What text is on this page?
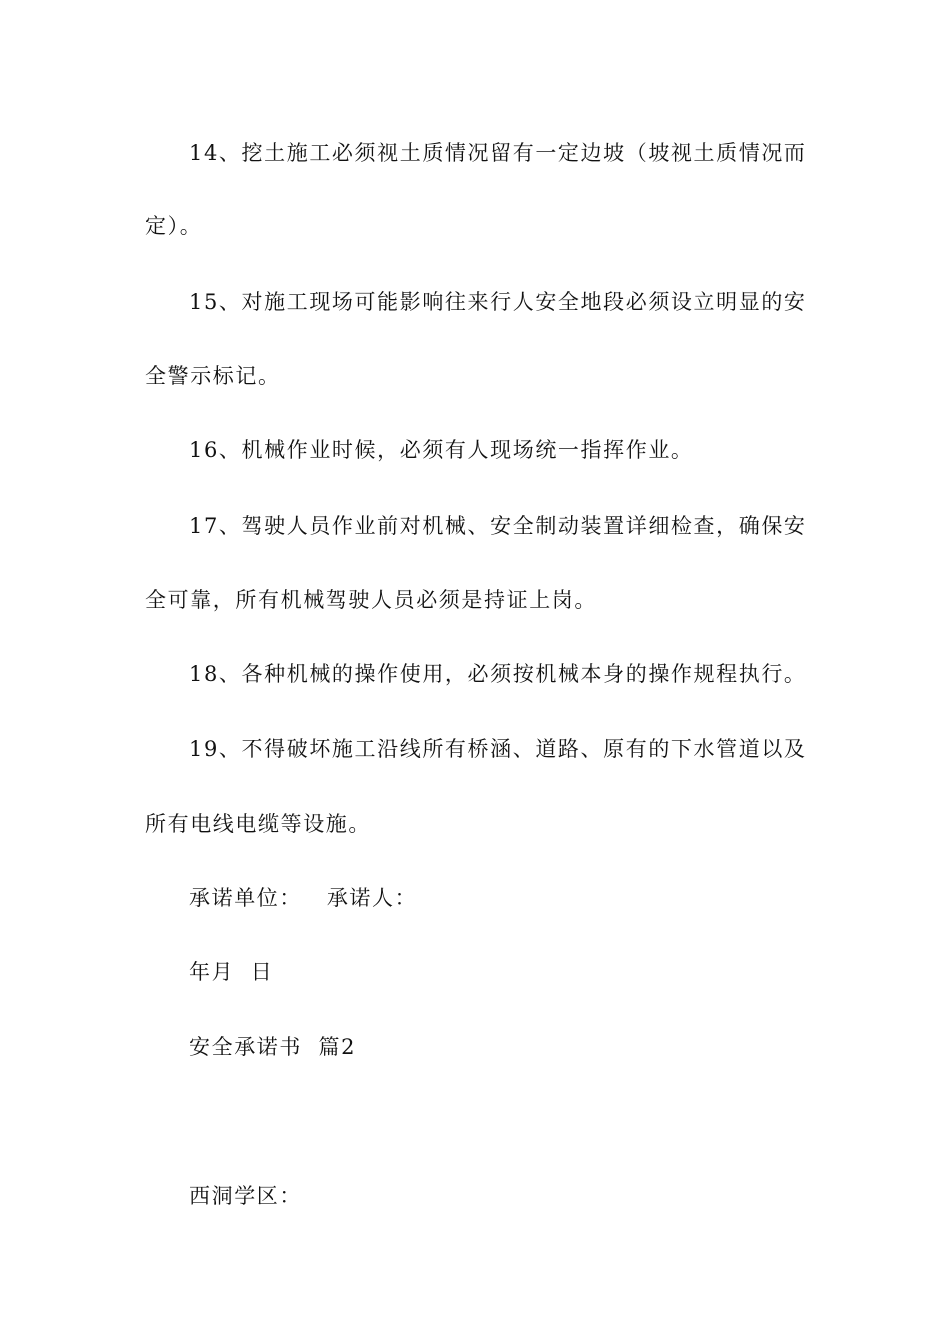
14、挖土施工必须视土质情况留有一定边坡（坡视土质情况而
定）。
15、对施工现场可能影响往来行人安全地段必须设立明显的安
全警示标记。
16、机械作业时候，必须有人现场统一指挥作业。
17、驾驶人员作业前对机械、安全制动装置详细检查，确保安
全可靠，所有机械驾驶人员必须是持证上岗。
18、各种机械的操作使用，必须按机械本身的操作规程执行。
19、不得破坏施工沿线所有桥涵、道路、原有的下水管道以及
所有电线电缆等设施。
承诺单位：   承诺人：
年月  日
安全承诺书  篇2
西洞学区：
